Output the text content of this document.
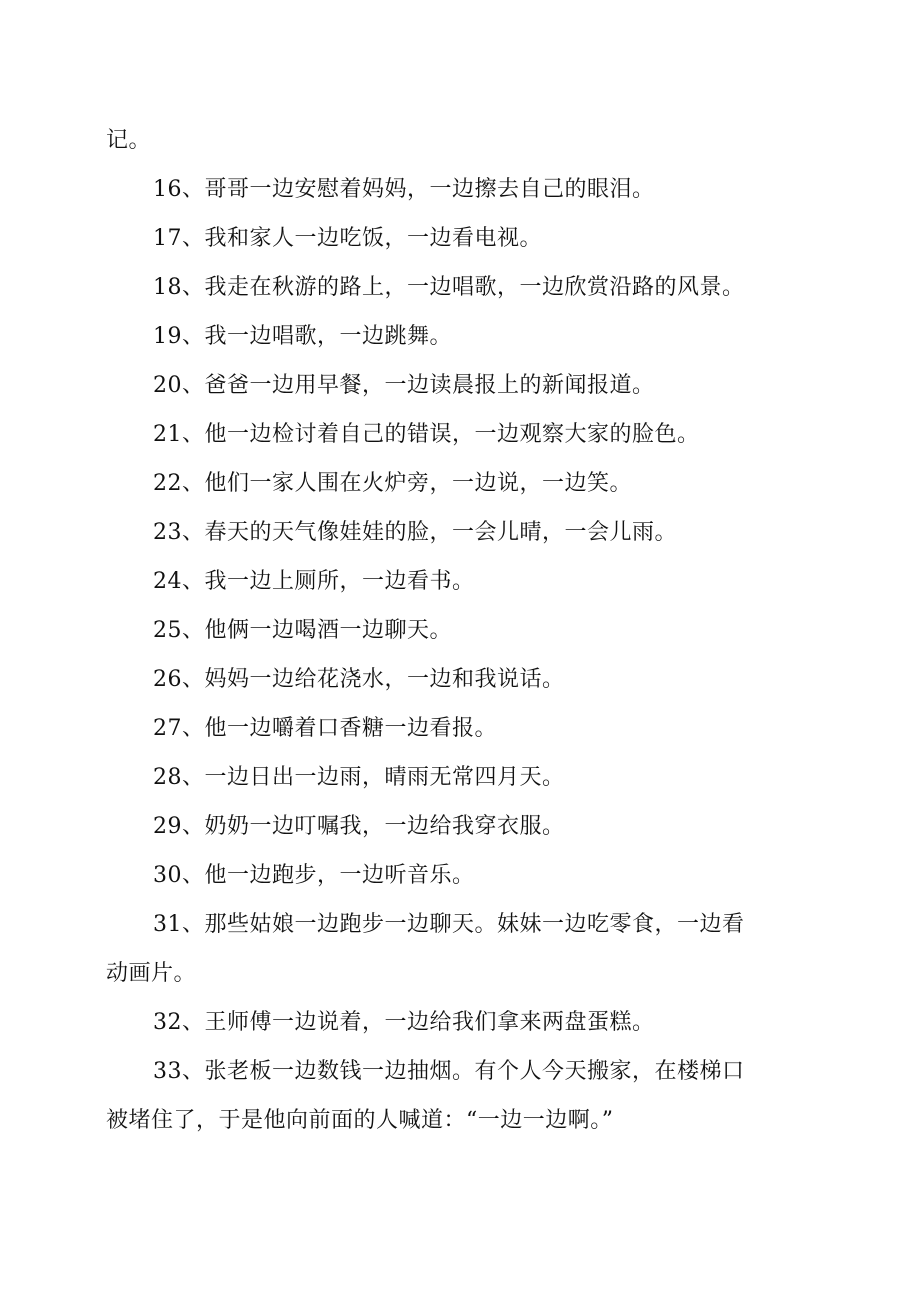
记。
16、哥哥一边安慰着妈妈，一边擦去自己的眼泪。
17、我和家人一边吃饭，一边看电视。
18、我走在秋游的路上，一边唱歌，一边欣赏沿路的风景。
19、我一边唱歌，一边跳舞。
20、爸爸一边用早餐，一边读晨报上的新闻报道。
21、他一边检讨着自己的错误，一边观察大家的脸色。
22、他们一家人围在火炉旁，一边说，一边笑。
23、春天的天气像娃娃的脸，一会儿晴，一会儿雨。
24、我一边上厕所，一边看书。
25、他俩一边喝酒一边聊天。
26、妈妈一边给花浇水，一边和我说话。
27、他一边嚼着口香糖一边看报。
28、一边日出一边雨，晴雨无常四月天。
29、奶奶一边叮嘱我，一边给我穿衣服。
30、他一边跑步，一边听音乐。
31、那些姑娘一边跑步一边聊天。妹妹一边吃零食，一边看
动画片。
32、王师傅一边说着，一边给我们拿来两盘蛋糕。
33、张老板一边数钱一边抽烟。有个人今天搬家，在楼梯口
被堵住了，于是他向前面的人喊道：“一边一边啊。”
